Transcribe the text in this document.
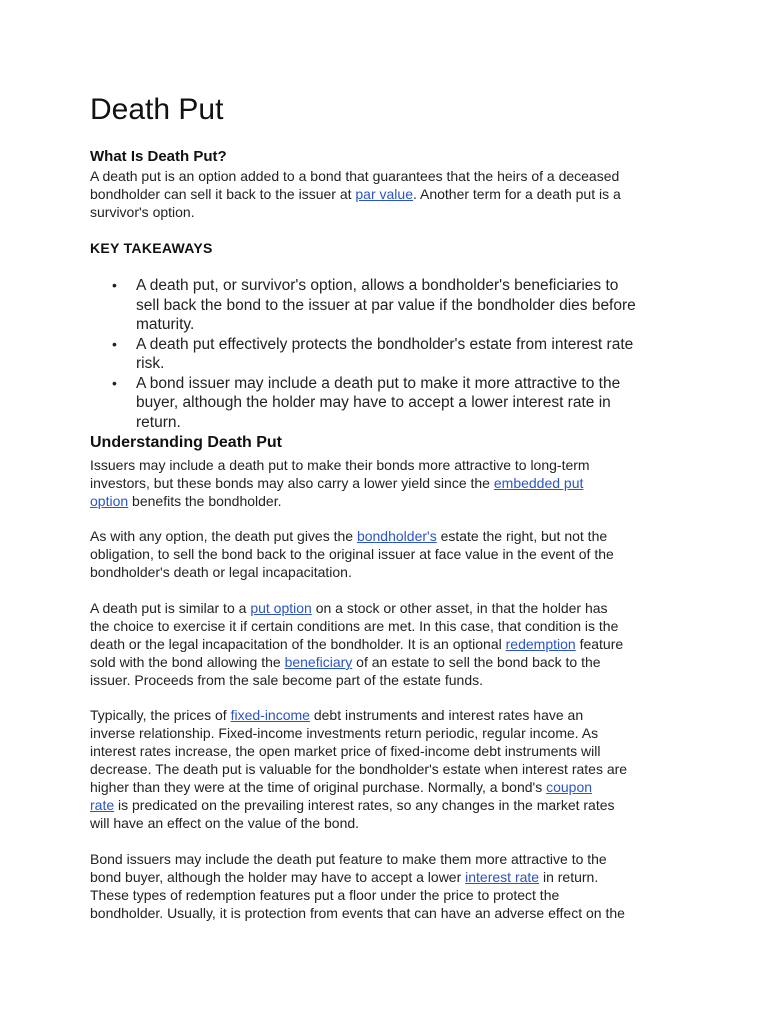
Death Put
What Is Death Put?

A death put is an option added to a bond that guarantees that the heirs of a deceased
bondholder can sell it back to the issuer at par value. Another term for a death put is a
survivor's option.

KEY TAKEAWAYS
• A death put, or survivor's option, allows a bondholder's beneficiaries to
sell back the bond to the issuer at par value if the bondholder dies before
maturity.
• A death put effectively protects the bondholder's estate from interest rate
risk.
• A bond issuer may include a death put to make it more attractive to the
buyer, although the holder may have to accept a lower interest rate in
return.
Understanding Death Put

Issuers may include a death put to make their bonds more attractive to long-term
investors, but these bonds may also carry a lower yield since the embedded put
option benefits the bondholder.

As with any option, the death put gives the bondholder's estate the right, but not the
obligation, to sell the bond back to the original issuer at face value in the event of the
bondholder's death or legal incapacitation.

A death put is similar to a put option on a stock or other asset, in that the holder has
the choice to exercise it if certain conditions are met. In this case, that condition is the
death or the legal incapacitation of the bondholder. It is an optional redemption feature
sold with the bond allowing the beneficiary of an estate to sell the bond back to the
issuer. Proceeds from the sale become part of the estate funds.

Typically, the prices of fixed-income debt instruments and interest rates have an
inverse relationship. Fixed-income investments return periodic, regular income. As
interest rates increase, the open market price of fixed-income debt instruments will
decrease. The death put is valuable for the bondholder's estate when interest rates are
higher than they were at the time of original purchase. Normally, a bond's coupon
rate is predicated on the prevailing interest rates, so any changes in the market rates
will have an effect on the value of the bond.

Bond issuers may include the death put feature to make them more attractive to the
bond buyer, although the holder may have to accept a lower interest rate in return.
These types of redemption features put a floor under the price to protect the
bondholder. Usually, it is protection from events that can have an adverse effect on the
